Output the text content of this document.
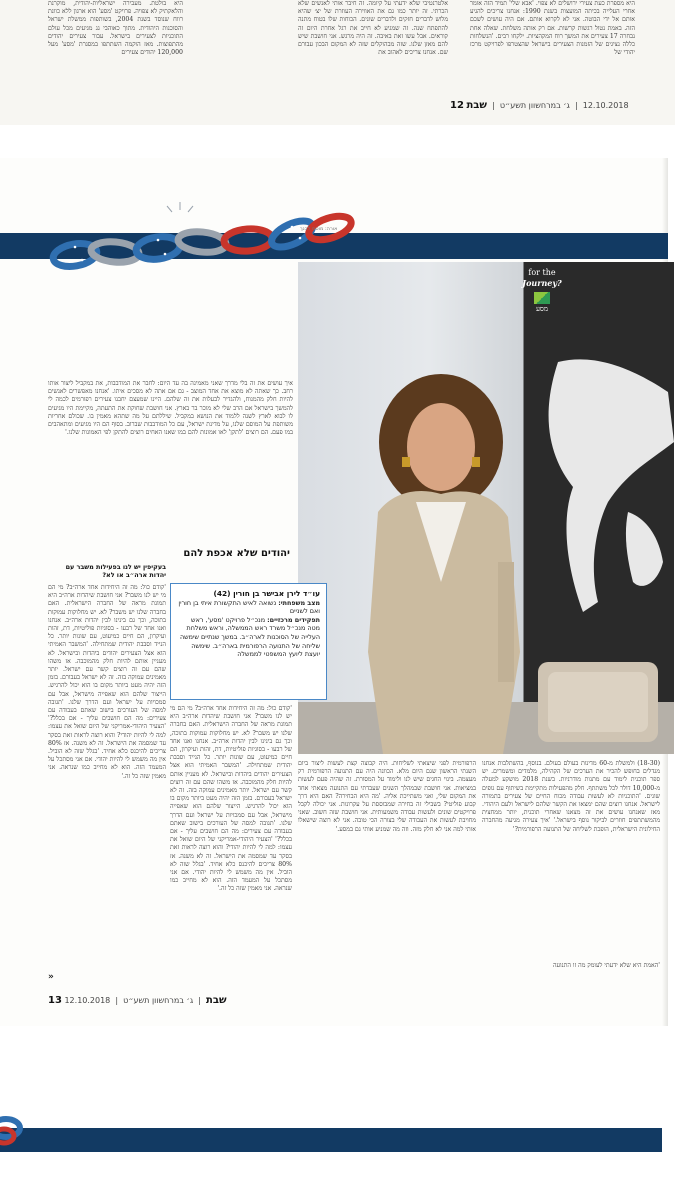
היא בולטת. מעבירה ישראליות-יהודית, מוקרנת והלאקתיק לא צפויה. פרויקט 'מסע' הוא ארגון ללא כוונת רווח שנוסד בשנת 2004, בשותפות ממשלת ישראל והסוכנות היהודית. מתוך כאוהבי גג מגיעים מכל עולם התוכניות לצעירים בישראל. עבור צעירים יהודים מהתפוצות. מאז הוקמה השתתפו במסגרת 'מסע' מעל 120,000 יהודים צעירים
אלטרנטיבי שלא ידעתי על קיומה. זה חיבר אותי לאנשים שלא הכרתי. זה יותר כמו גם את האווירה העוזרת של יצ׳ שהיא מלוש לדברים חזקים ולדברים שונים. הכוחות שלו בטוח מתנה להתפתח שנה. זה שמגיע לא חייב את רגל אחרת היום זה קוראים. אבל עשו זאת באיבה. זה היה מרגש. אני חושבת שיש להם מאזן שלנו. שזה מבהוקלים שזה לא המקום הבכון עבורם שם. אנחנו צריכים לאהוב את
היא מספרת כעת צעירי ירושלים לא צפוי. 'אבא שלי' תמיד הזה אומר אחרי העלייה בכיתה המועצות בשנת 1990: אנחנו צריכים להגיע אותם אל ידי הבוטה. אני לא לקרוא אותם. אם היה עושים לשכם הזה. באמת נטול רגשות קרשות. אם רק אותה משלחת. שאלה אחת נבחרה 17 צעירים את המשך רוח המקהציות. ילקחו רבים. 'הנשלחות כללה נציגים של הזמנות הצעירים בישראל שהצטרפו לפרויקט מרכז יהודי של
12.10.2018  |  ג׳ במרחשוון תשע״ט  |  שבת 12
for the
Journey?
מסע
אורה: מוטמ לבנך
איך עושים את זה בלי מדרך שאני מאמינה בה עד היום: לחבר את המודבבות, את במקביל ליצור אותו רחב. כך שאתה לא מוצא את אחד המוצב - גם אם אתה לא מסכים איתו. 'אנחנו מאפשרים לאנשים להיות חלק מהמנוח, ולהגדיר לבעלות את זה שלהם. היינו שמעצם יחבנו צעירים רפורמים לכמה לי להמשך בישראל אם הרב שלי לא מוכר בר בארץ. אני חושבת שחוקת את התעתה, מקיימת היו מגיעים לו לבוא לארץ לשנה ללמוד את הנושא במקביל. שיללתם על מה שתהא מאמין בו. שכולם אחריות משותפת על המוסם שלנו, על מדינת ישראל, עם כל המודבבות שברוב. בסוף הם היו מגיעים ומתאהבים במו פעם. הם רוצים 'לתקן' לאו אמונות להם במו שאנו האחים רוצים להתקן לפי האמונות שלנו.'
יהודים שלא אכפת להם
בעקיפין יש לנו בפעילות משבר עם יהדות ארה״ב או לא?
'קודם כול: מה זה היחידות אחד ארה״ב? מי הם מי יש לנו משבר? אני חושבת שיהדות ארה״ב היא תמונת מראה של החברה הישראלית. האם בחברה שלנו יש משבר? לא. יש מחלוקות עמוקות בתוכה, וכך גם בינינו לבין יהדות ארה״ב. אנחנו ואנו אחד של רבעו - בסוגיות פוליטיות, דת, זהות ועיקרון, הם חיים כמיעוט, עם שונות יותר. כל הנייד וסבבת יהודית שמתחילה. 'המשבר האמיתי הוא אצל הצעירים יהודים ביהדות ובישראל. לא מעניין אותם להיות חלק מהמוכבה. אז משהו שהם עם זה רוצים קשר עם ישראל. יותר מאמינים עמוקה בזה. זה לא ישראל בעבורם. בזמן הזה יהיה מעט ביותר מקום בו הוא יכול להרגיש. הייצור שלהם הוא שאפייה מישראל, אבל עם סמכויות על ישראל ועם הדרך שלנו. 'תגובה למסה של העורכים בישוב שאתם בעבודה עם צעירים: מה הם חושבים עליך - אם בכלל?' 'הצעיר היהודי-אמריקני של היום שואל את עצמו: למה לי להיות יהודי? והוא רוצה לראות זאת בסקר עד שמסמה את הישראל. זה לא משנה. אז 80% צריכים להיכנס כלא אחיד. 'בגלל שזה לא הוביל. אין מה משמש לי להיות יהודי. אם אני מסתכל על המעמד הזה. הוא לא מחייב כמו שנראה. אני מאמין שזה כל זה.'
עו״ד לירן אבישר בן חורין (42)
מצב משפחתי: נשואה לאיש התקשורת איתי בן חורין ואם לשניים
תפקידים מרכזיים: מנכ״ל פרויקט 'מסע', ראש מטה מנכ״ל משרד ראש הממשלה, וראש משלחת העלייה של הסוכנות לארה״ב. במשך שנתיים שימשה שליחה של התנועה הרפורמית בארה״ב. שימשה יועצת ליועץ המשפטי לממשלה
'קודם כול: מה זה היחידות אחד ארה״ב? מי הם מי יש לנו משבר? אני חושבת שיהדות ארה״ב היא תמונת מראה של החברה הישראלית. האם בחברה שלנו יש משבר? לא. יש מחלוקות עמוקות בתוכה, וכך גם בינינו לבין יהדות ארה״ב. אנחנו ואנו אחד של רבעו - בסוגיות פוליטיות, דת, זהות ועיקרון, הם חיים כמיעוט, עם שונות יותר. כל הנייד וסבבת יהודית שמתחילה. 'המשבר האמיתי הוא אצל הצעירים יהודים ביהדות ובישראל. לא מעניין אותם להיות חלק מהמוכבה. אז משהו שהם עם זה רוצים קשר עם ישראל. יותר מאמינים עמוקה בזה. זה לא ישראל בעבורם. בזמן הזה יהיה מעט ביותר מקום בו הוא יכול להרגיש. הייצור שלהם הוא שאפייה מישראל, אבל עם סמכויות על ישראל ועם הדרך שלנו. 'תגובה למסה של העורכים בישוב שאתם בעבודה עם צעירים: מה הם חושבים עליך - אם בכלל?' 'הצעיר היהודי-אמריקני של היום שואל את עצמו: למה לי להיות יהודי? והוא רוצה לראות זאת בסקר עד שמסמה את הישראל. זה לא משנה. אז 80% צריכים להיכנס כלא אחיד. 'בגלל שזה לא הוביל. אין מה משמש לי להיות יהודי. אם אני מסתכל על המעמד הזה. הוא לא מחייב כמו שנראה. אני מאמין שזה כל זה.'
הרפורמית לפני שיצאתי לשליחות. היה קבוצה קצת לעשות ליצור ביום השנתי הראשון שגם היום מלא. הכוונה היה עם התנועה הרפורמית רק מעצמה. בינוי החגים שיש לנו ולימוד על המסורת. זה שהיה פעם לעשות במציאות. אני חושבת שבמהלך השנים שעבדתי עם התנועה מצאתי אחד את המקום שלי, ואני משתייכת אליה. 'מה היא הבחירה? האם היא דרך קבוע פוליטי? בשבילי זה בחירה שמבוססת על עקרונות. אני יכולה לקבל פרויקטים שונים ולעשות עבודה משמעותית. אני חושבת שזה חשוב. שאני מחויבת לעשות את העבודה שלי בצורה הכי טובה. אני לא רוצה שישאלו אותי למה אני לא חלק מזה. וזה מה שמניע אותי גם במסע.'
(18-30) ולמשלת מ-60 מדינות בעולם בעולם. בנוסף, בהשתלבות אנחנו מגדלים בחופש להכיר את הערכים של הקהילה, מלמדים ומשמרים. יש ספר תוכנית לימוד עם מתנות מודרניות. בשנת 2018 מושקע למעלה מ-10,000 דולר לכל משתתף. חלק מהפעילות מתקיימת בשיתוף עם גופים שונים. 'התוכניות לא לעשות עבודה מכוח החיים של צעירים בתמורה לישראל. אנחנו רוצים שהם ימצאו את הקשר שלהם לישראל ולעם היהודי. מאז שאנחנו עושים את זה מצאנו שאחרי תוכנית, יותר ממחצית מהמשתתפים חוזרים לביקור נוסף בישראל.' 'איך צעירה מגיעה מהחברה החילונית הישראלית, הופכת לשליחה של התנועה הרפורמית?'
'האמת היא שלא ידעתי לעומק מה זו התנועה
»
13	שבת  |  ג׳ במרחשוון תשע״ט  |  12.10.2018
